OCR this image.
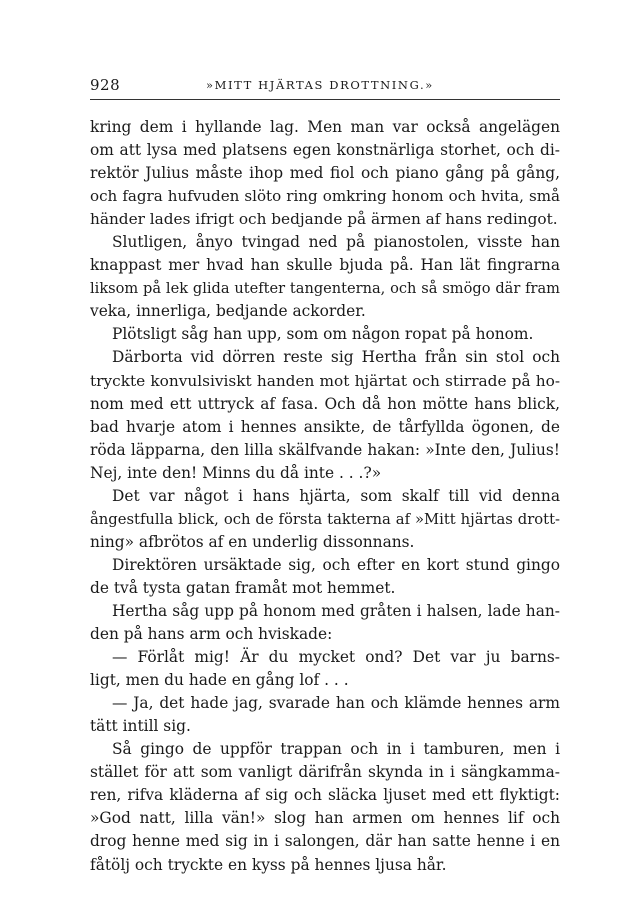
928	»MITT HJÄRTAS DROTTNING.»
kring dem i hyllande lag. Men man var också angelägen
om att lysa med platsens egen konstnärliga storhet, och di-
rektör Julius måste ihop med fiol och piano gång på gång,
och fagra hufvuden slöto ring omkring honom och hvita, små
händer lades ifrigt och bedjande på ärmen af hans redingot.
Slutligen, ånyo tvingad ned på pianostolen, visste han
knappast mer hvad han skulle bjuda på. Han lät fingrarna
liksom på lek glida utefter tangenterna, och så smögo där fram
veka, innerliga, bedjande ackorder.
Plötsligt såg han upp, som om någon ropat på honom.
Därborta vid dörren reste sig Hertha från sin stol och
tryckte konvulsiviskt handen mot hjärtat och stirrade på ho-
nom med ett uttryck af fasa. Och då hon mötte hans blick,
bad hvarje atom i hennes ansikte, de tårfyllda ögonen, de
röda läpparna, den lilla skälfvande hakan: »Inte den, Julius!
Nej, inte den! Minns du då inte . . .?»
Det var något i hans hjärta, som skalf till vid denna
ångestfulla blick, och de första takterna af »Mitt hjärtas drott-
ning» afbrötos af en underlig dissonnans.
Direktören ursäktade sig, och efter en kort stund gingo
de två tysta gatan framåt mot hemmet.
Hertha såg upp på honom med gråten i halsen, lade han-
den på hans arm och hviskade:
— Förlåt mig! Är du mycket ond? Det var ju barns-
ligt, men du hade en gång lof . . .
— Ja, det hade jag, svarade han och klämde hennes arm
tätt intill sig.
Så gingo de uppför trappan och in i tamburen, men i
stället för att som vanligt därifrån skynda in i sängkamma-
ren, rifva kläderna af sig och släcka ljuset med ett flyktigt:
»God natt, lilla vän!» slog han armen om hennes lif och
drog henne med sig in i salongen, där han satte henne i en
fåtölj och tryckte en kyss på hennes ljusa hår.
